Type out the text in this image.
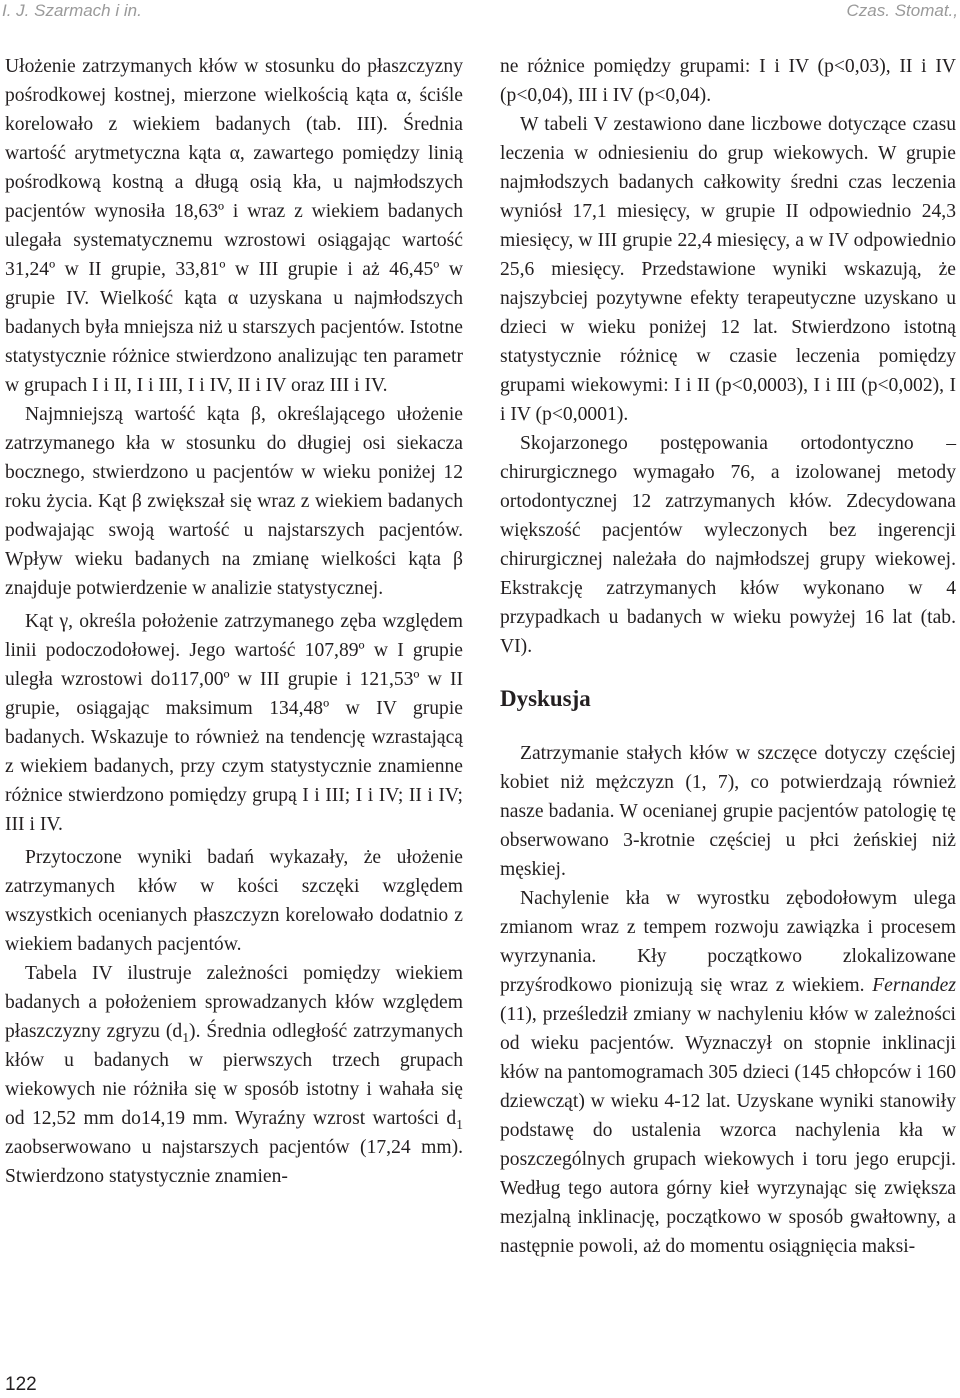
I. J. Szarmach i in.	Czas. Stomat.,

Ułożenie zatrzymanych kłów w stosunku do płaszczyzny pośrodkowej kostnej, mierzone wielkością kąta α, ściśle korelowało z wiekiem badanych (tab. III). Średnia wartość arytmetyczna kąta α, zawartego pomiędzy linią pośrodkową kostną a długą osią kła, u najmłodszych pacjentów wynosiła 18,63º i wraz z wiekiem badanych ulegała systematycznemu wzrostowi osiągając wartość 31,24º w II grupie, 33,81º w III grupie i aż 46,45º w grupie IV. Wielkość kąta α uzyskana u najmłodszych badanych była mniejsza niż u starszych pacjentów. Istotne statystycznie różnice stwierdzono analizując ten parametr w grupach I i II, I i III, I i IV, II i IV oraz III i IV.

Najmniejszą wartość kąta β, określającego ułożenie zatrzymanego kła w stosunku do długiej osi siekacza bocznego, stwierdzono u pacjentów w wieku poniżej 12 roku życia. Kąt β zwiększał się wraz z wiekiem badanych podwajając swoją wartość u najstarszych pacjentów. Wpływ wieku badanych na zmianę wielkości kąta β znajduje potwierdzenie w analizie statystycznej.

Kąt γ, określa położenie zatrzymanego zęba względem linii podoczodołowej. Jego wartość 107,89º w I grupie uległa wzrostowi do117,00º w III grupie i 121,53º w II grupie, osiągając maksimum 134,48º w IV grupie badanych. Wskazuje to również na tendencję wzrastającą z wiekiem badanych, przy czym statystycznie znamienne różnice stwierdzono pomiędzy grupą I i III; I i IV; II i IV; III i IV.

Przytoczone wyniki badań wykazały, że ułożenie zatrzymanych kłów w kości szczęki względem wszystkich ocenianych płaszczyzn korelowało dodatnio z wiekiem badanych pacjentów.

Tabela IV ilustruje zależności pomiędzy wiekiem badanych a położeniem sprowadzanych kłów względem płaszczyzny zgryzu $(d_1)$. Średnia odległość zatrzymanych kłów u badanych w pierwszych trzech grupach wiekowych nie różniła się w sposób istotny i wahała się od 12,52 mm do14,19 mm. Wyraźny wzrost wartości $d_1$ zaobserwowano u najstarszych pacjentów (17,24 mm). Stwierdzono statystycznie znamien-

ne różnice pomiędzy grupami: I i IV (p<0,03), II i IV (p<0,04), III i IV (p<0,04).

W tabeli V zestawiono dane liczbowe dotyczące czasu leczenia w odniesieniu do grup wiekowych. W grupie najmłodszych badanych całkowity średni czas leczenia wyniósł 17,1 miesięcy, w grupie II odpowiednio 24,3 miesięcy, w III grupie 22,4 miesięcy, a w IV odpowiednio 25,6 miesięcy. Przedstawione wyniki wskazują, że najszybciej pozytywne efekty terapeutyczne uzyskano u dzieci w wieku poniżej 12 lat. Stwierdzono istotną statystycznie różnicę w czasie leczenia pomiędzy grupami wiekowymi: I i II (p<0,0003), I i III (p<0,002), I i IV (p<0,0001).

Skojarzonego postępowania ortodontyczno – chirurgicznego wymagało 76, a izolowanej metody ortodontycznej 12 zatrzymanych kłów. Zdecydowana większość pacjentów wyleczonych bez ingerencji chirurgicznej należała do najmłodszej grupy wiekowej. Ekstrakcję zatrzymanych kłów wykonano w 4 przypadkach u badanych w wieku powyżej 16 lat (tab. VI).

Dyskusja

Zatrzymanie stałych kłów w szczęce dotyczy częściej kobiet niż mężczyzn (1, 7), co potwierdzają również nasze badania. W ocenianej grupie pacjentów patologię tę obserwowano 3-krotnie częściej u płci żeńskiej niż męskiej.

Nachylenie kła w wyrostku zębodołowym ulega zmianom wraz z tempem rozwoju zawiązka i procesem wyrzynania. Kły początkowo zlokalizowane przyśrodkowo pionizują się wraz z wiekiem. Fernandez (11), prześledził zmiany w nachyleniu kłów w zależności od wieku pacjentów. Wyznaczył on stopnie inklinacji kłów na pantomogramach 305 dzieci (145 chłopców i 160 dziewcząt) w wieku 4-12 lat. Uzyskane wyniki stanowiły podstawę do ustalenia wzorca nachylenia kła w poszczególnych grupach wiekowych i toru jego erupcji. Według tego autora górny kieł wyrzynając się zwiększa mezjalną inklinację, początkowo w sposób gwałtowny, a następnie powoli, aż do momentu osiągnięcia maksi-

122
